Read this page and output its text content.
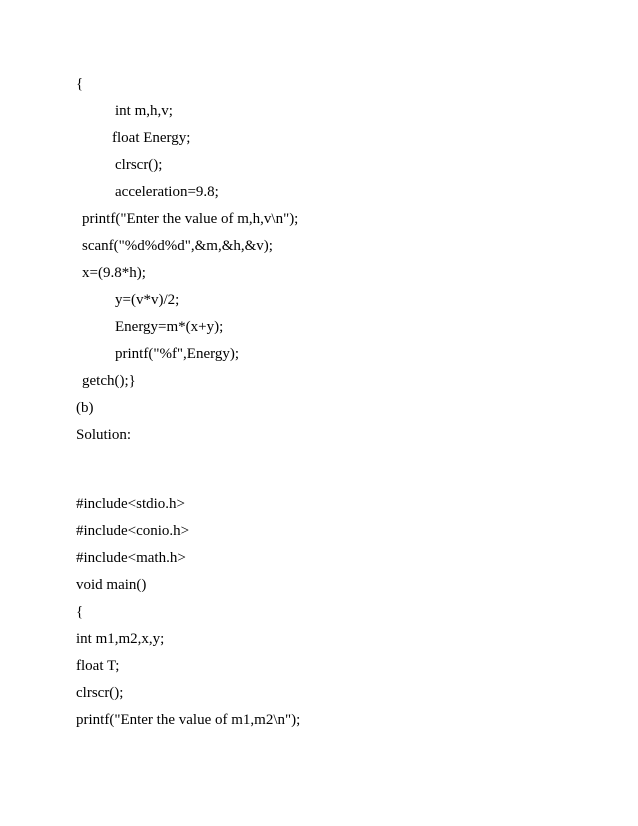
{
int m,h,v;
float Energy;
clrscr();
acceleration=9.8;
printf("Enter the value of m,h,v\n");
scanf("%d%d%d",&m,&h,&v);
x=(9.8*h);
y=(v*v)/2;
Energy=m*(x+y);
printf("%f",Energy);
getch();}
(b)
Solution:
#include<stdio.h>
#include<conio.h>
#include<math.h>
void main()
{
int m1,m2,x,y;
float T;
clrscr();
printf("Enter the value of m1,m2\n");
